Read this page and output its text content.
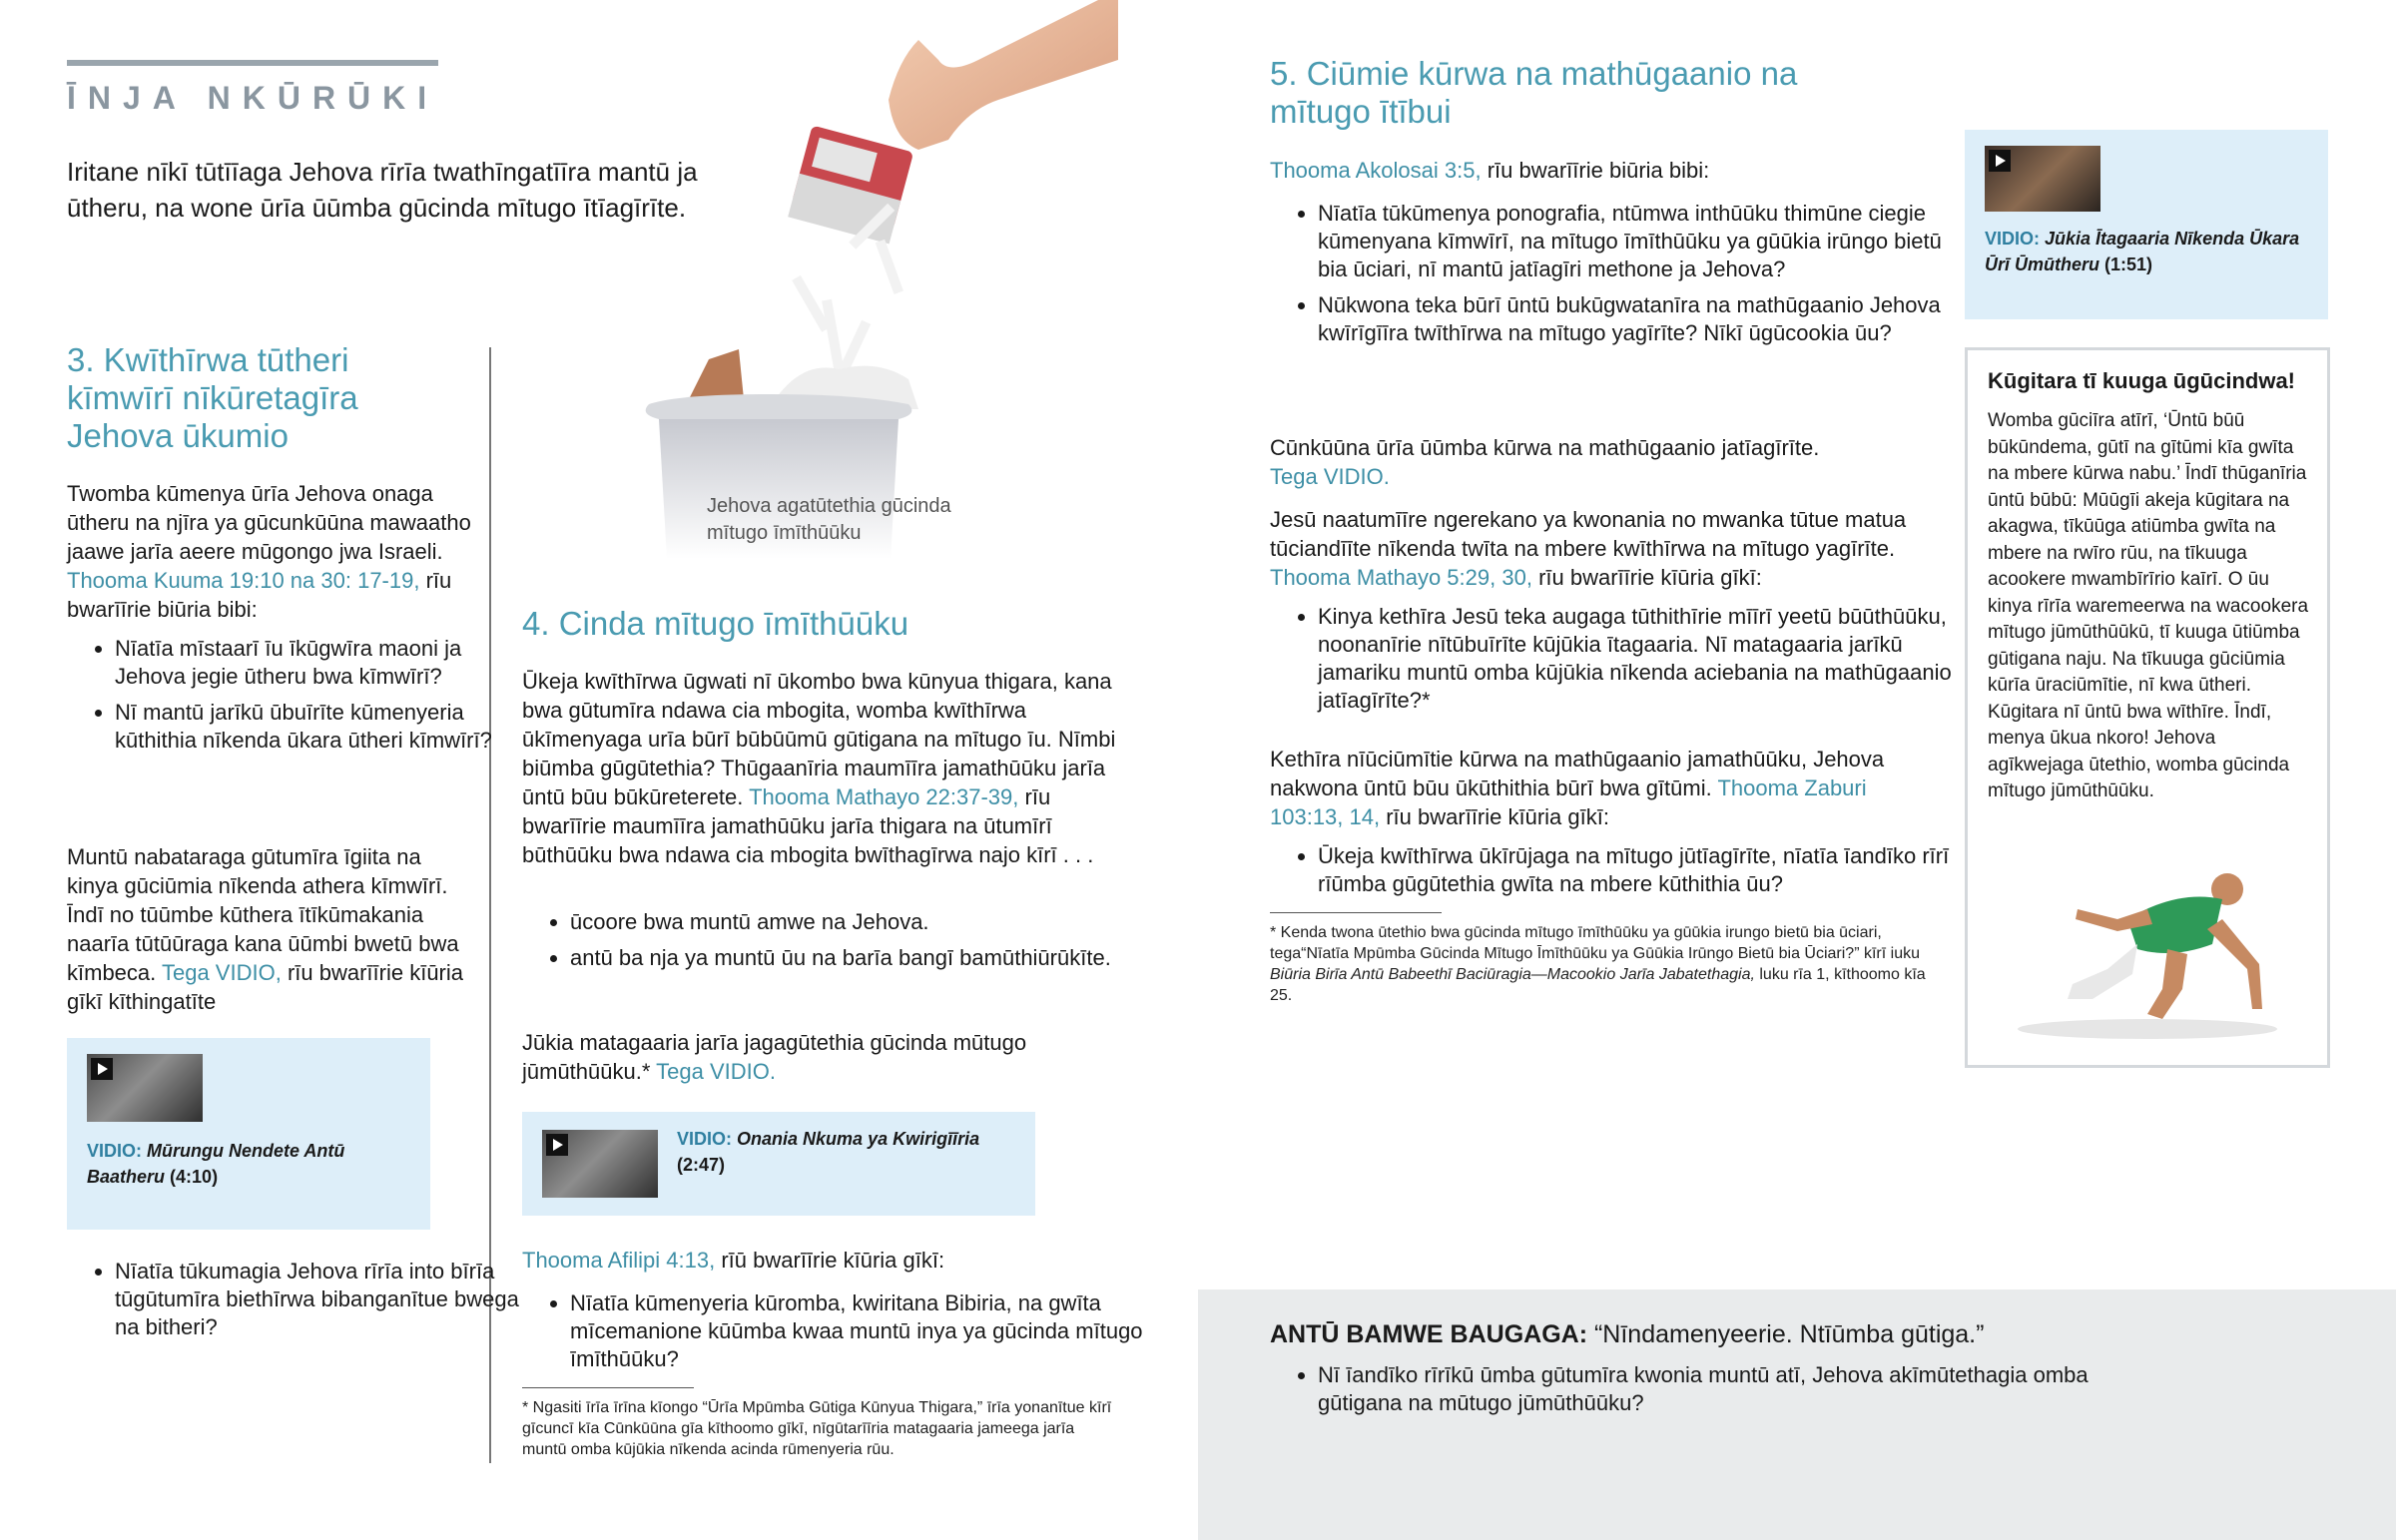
ĪNJA NKŪRŪKI

Iritane nīkī tūtīīaga Jehova rīrīa twathīngatīīra mantū ja ūtheru, na wone ūrīa ūūmba gūcinda mītugo ītīagīrīte.

Jehova agatūtethia gūcinda mītugo īmīthūūku

3. Kwīthīrwa tūtheri kīmwīrī nīkūretagīra Jehova ūkumio

Twomba kūmenya ūrīa Jehova onaga ūtheru na njīra ya gūcunkūūna mawaatho jaawe jarīa aeere mūgongo jwa Israeli. Thooma Kuuma 19:10 na 30: 17-19, rīu bwarīīrie biūria bibi:

• Nīatīa mīstaarī īu īkūgwīra maoni ja Jehova jegie ūtheru bwa kīmwīrī?
• Nī mantū jarīkū ūbuīrīte kūmenyeria kūthithia nīkenda ūkara ūtheri kīmwīrī?

Muntū nabataraga gūtumīra īgiita na kinya gūciūmia nīkenda athera kīmwīrī. Īndī no tūūmbe kūthera ītīkūmakania naarīa tūtūūraga kana ūūmbi bwetū bwa kīmbeca. Tega VIDIO, rīu bwarīīrie kīūria gīkī kīthingatīte

VIDIO: Mūrungu Nendete Antū Baatheru (4:10)
• Nīatīa tūkumagia Jehova rīrīa into bīrīa tūgūtumīra biethīrwa bibanganītue bwega na bitheri?
4. Cinda mītugo īmīthūūku

Ūkeja kwīthīrwa ūgwati nī ūkombo bwa kūnyua thigara, kana bwa gūtumīra ndawa cia mbogita, womba kwīthīrwa ūkīmenyaga urīa būrī būbūūmū gūtigana na mītugo īu. Nīmbi biūmba gūgūtethia? Thūgaanīria maumīīra jamathūūku jarīa ūntū būu būkūreterete. Thooma Mathayo 22:37-39, rīu bwarīīrie maumīīra jamathūūku jarīa thigara na ūtumīrī būthūūku bwa ndawa cia mbogita bwīthagīrwa najo kīrī . . .

• ūcoore bwa muntū amwe na Jehova.
• antū ba nja ya muntū ūu na barīa bangī bamūthiūrūkīte.

Jūkia matagaaria jarīa jagagūtethia gūcinda mūtugo jūmūthūūku.* Tega VIDIO.

VIDIO: Onania Nkuma ya Kwirigīīria (2:47)

Thooma Afilipi 4:13, rīū bwarīīrie kīūria gīkī:

• Nīatīa kūmenyeria kūromba, kwiritana Bibiria, na gwīta mīcemanione kūūmba kwaa muntū inya ya gūcinda mītugo īmīthūūku?

* Ngasiti īrīa īrīna kīongo “Ūrīa Mpūmba Gūtiga Kūnyua Thigara,” īrīa yonanītue kīrī gīcuncī kīa Cūnkūūna gīa kīthoomo gīkī, nīgūtarīīria matagaaria jameega jarīa muntū omba kūjūkia nīkenda acinda rūmenyeria rūu.

5. Ciūmie kūrwa na mathūgaanio na mītugo ītībui

Thooma Akolosai 3:5, rīu bwarīīrie biūria bibi:

• Nīatīa tūkūmenya ponografia, ntūmwa inthūūku thimūne ciegie kūmenyana kīmwīrī, na mītugo īmīthūūku ya gūūkia irūngo bietū bia ūciari, nī mantū jatīagīri methone ja Jehova?
• Nūkwona teka būrī ūntū bukūgwatanīra na mathūgaanio Jehova kwīrīgīīra twīthīrwa na mītugo yagīrīte? Nīkī ūgūcookia ūu?

Cūnkūūna ūrīa ūūmba kūrwa na mathūgaanio jatīagīrīte.
Tega VIDIO.

Jesū naatumīīre ngerekano ya kwonania no mwanka tūtue matua tūciandīīte nīkenda twīta na mbere kwīthīrwa na mītugo yagīrīte. Thooma Mathayo 5:29, 30, rīu bwarīīrie kīūria gīkī:

• Kinya kethīra Jesū teka augaga tūthithīrie mīīrī yeetū būūthūūku, noonanīrie nītūbuīrīte kūjūkia ītagaaria. Nī matagaaria jarīkū jamariku muntū omba kūjūkia nīkenda aciebania na mathūgaanio jatīagīrīte?*

Kethīra nīūciūmītie kūrwa na mathūgaanio jamathūūku, Jehova nakwona ūntū būu ūkūthithia būrī bwa gītūmi. Thooma Zaburi 103:13, 14, rīu bwarīīrie kīūria gīkī:

• Ūkeja kwīthīrwa ūkīrūjaga na mītugo jūtīagīrīte, nīatīa īandīko rīrī rīūmba gūgūtethia gwīta na mbere kūthithia ūu?

* Kenda twona ūtethio bwa gūcinda mītugo īmīthūūku ya gūūkia irungo bietū bia ūciari, tega“Nīatīa Mpūmba Gūcinda Mītugo Īmīthūūku ya Gūūkia Irūngo Bietū bia Ūciari?” kīrī iuku Biūria Birīa Antū Babeethī Baciūragia—Macookio Jarīa Jabatethagia, luku rīa 1, kīthoomo kīa 25.

VIDIO: Jūkia Ītagaaria Nīkenda Ūkara Ūrī Ūmūtheru (1:51)
Kūgitara tī kuuga ūgūcindwa!

Womba gūciīra atīrī, ‘Ūntū būū būkūndema, gūtī na gītūmi kīa gwīta na mbere kūrwa nabu.’ Īndī thūganīria ūntū būbū: Mūūgīi akeja kūgitara na akagwa, tīkūūga atiūmba gwīta na mbere na rwīro rūu, na tīkuuga acookere mwambīrīrio kaīrī. O ūu kinya rīrīa waremeerwa na wacookera mītugo jūmūthūūkū, tī kuuga ūtiūmba gūtigana naju. Na tīkuuga gūciūmia kūrīa ūraciūmītie, nī kwa ūtheri. Kūgitara nī ūntū bwa wīthīre. Īndī, menya ūkua nkoro! Jehova agīkwejaga ūtethio, womba gūcinda mītugo jūmūthūūku.

ANTŪ BAMWE BAUGAGA: “Nīndamenyeerie. Ntīūmba gūtiga.”
• Nī īandīko rīrīkū ūmba gūtumīra kwonia muntū atī, Jehova akīmūtethagia omba gūtigana na mūtugo jūmūthūūku?
